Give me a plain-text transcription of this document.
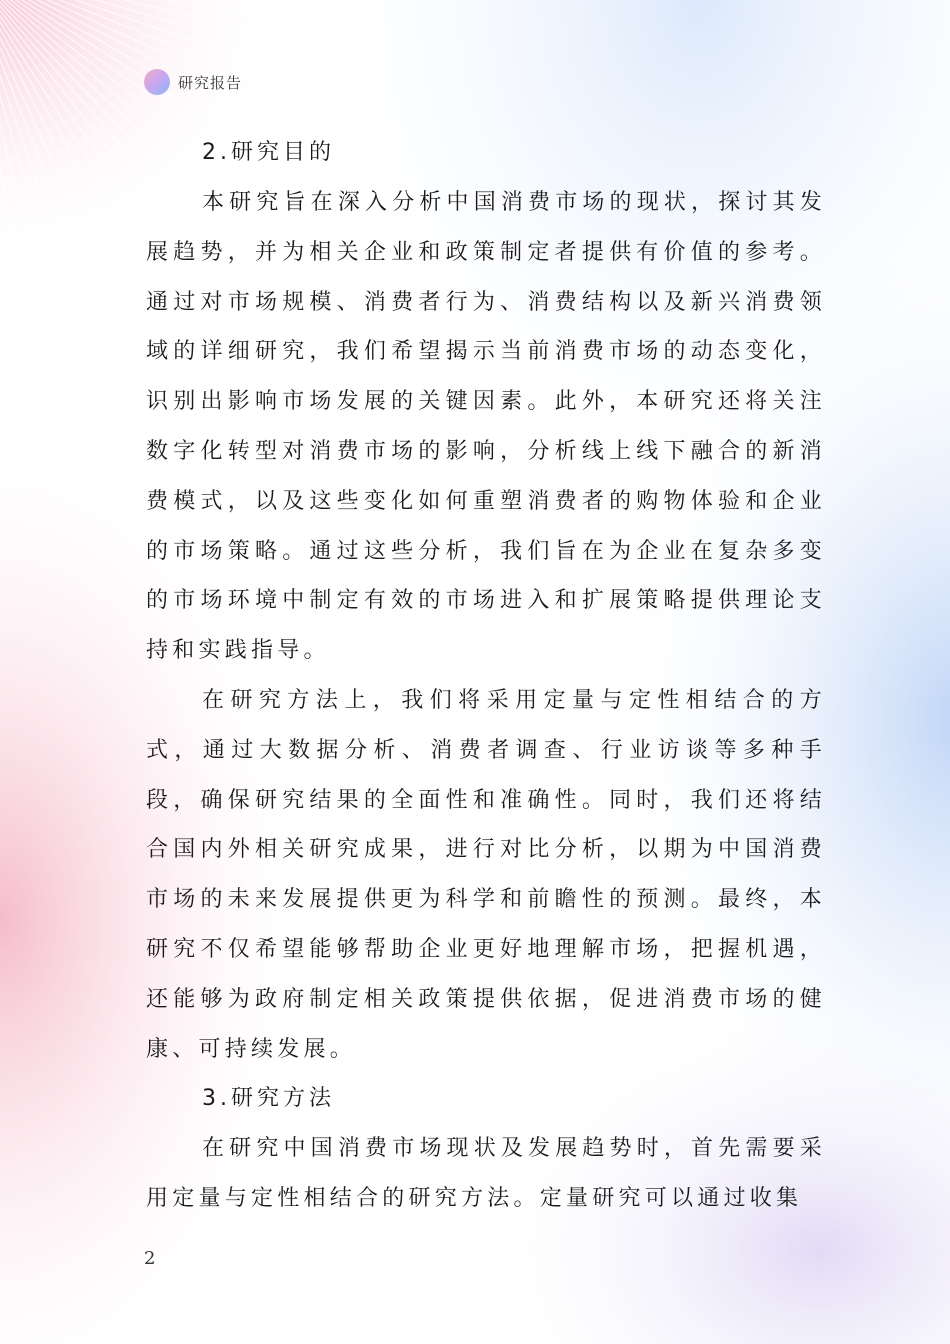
研究报告
2.研究目的

本研究旨在深入分析中国消费市场的现状，探讨其发展趋势，并为相关企业和政策制定者提供有价值的参考。通过对市场规模、消费者行为、消费结构以及新兴消费领域的详细研究，我们希望揭示当前消费市场的动态变化，识别出影响市场发展的关键因素。此外，本研究还将关注数字化转型对消费市场的影响，分析线上线下融合的新消费模式，以及这些变化如何重塑消费者的购物体验和企业的市场策略。通过这些分析，我们旨在为企业在复杂多变的市场环境中制定有效的市场进入和扩展策略提供理论支持和实践指导。

在研究方法上，我们将采用定量与定性相结合的方式，通过大数据分析、消费者调查、行业访谈等多种手段，确保研究结果的全面性和准确性。同时，我们还将结合国内外相关研究成果，进行对比分析，以期为中国消费市场的未来发展提供更为科学和前瞻性的预测。最终，本研究不仅希望能够帮助企业更好地理解市场，把握机遇，还能够为政府制定相关政策提供依据，促进消费市场的健康、可持续发展。

3.研究方法

在研究中国消费市场现状及发展趋势时，首先需要采用定量与定性相结合的研究方法。定量研究可以通过收集

2
